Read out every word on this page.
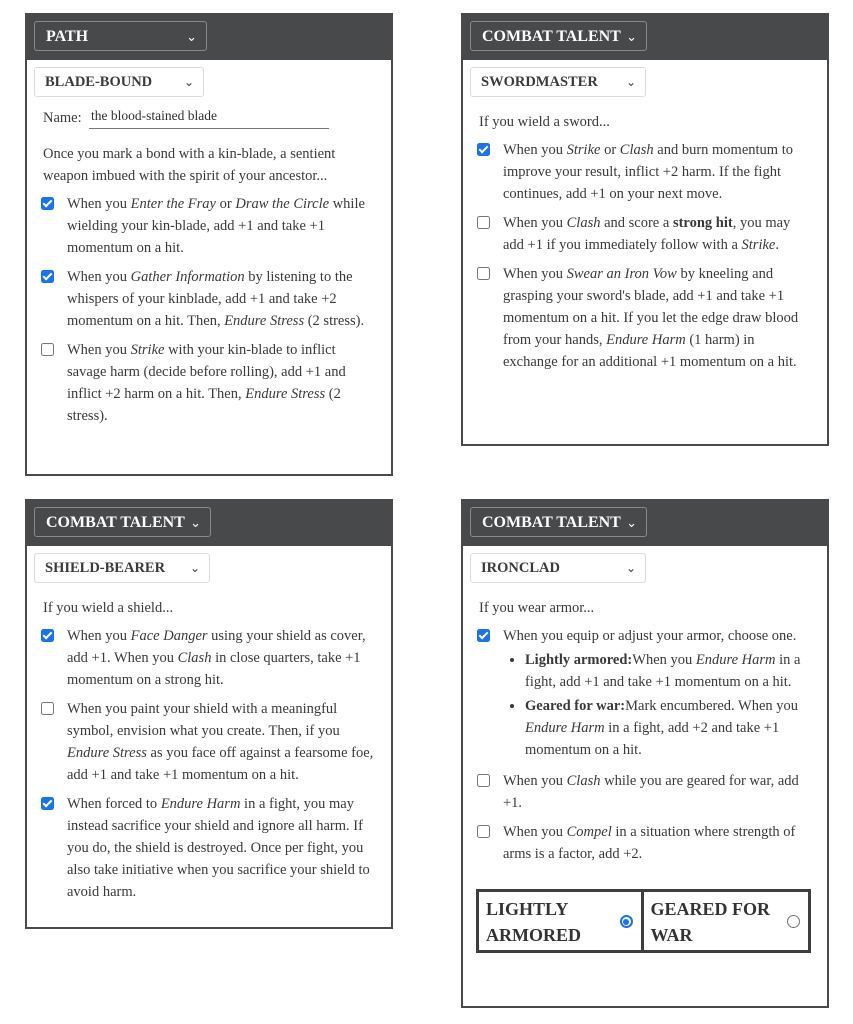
PATH	⌄
BLADE-BOUND	⌄
Name:
the blood-stained blade
Once you mark a bond with a kin-blade, a sentient weapon imbued with the spirit of your ancestor...
When you Enter the Fray or Draw the Circle while wielding your kin-blade, add +1 and take +1 momentum on a hit.
When you Gather Information by listening to the whispers of your kinblade, add +1 and take +2 momentum on a hit. Then, Endure Stress (2 stress).
When you Strike with your kin-blade to inflict savage harm (decide before rolling), add +1 and inflict +2 harm on a hit. Then, Endure Stress (2 stress).
COMBAT TALENT ⌄
SWORDMASTER ⌄
If you wield a sword...
When you Strike or Clash and burn momentum to improve your result, inflict +2 harm. If the fight continues, add +1 on your next move.
When you Clash and score a strong hit, you may add +1 if you immediately follow with a Strike.
When you Swear an Iron Vow by kneeling and grasping your sword's blade, add +1 and take +1 momentum on a hit. If you let the edge draw blood from your hands, Endure Harm (1 harm) in exchange for an additional +1 momentum on a hit.
COMBAT TALENT ⌄
SHIELD-BEARER ⌄
If you wield a shield...
When you Face Danger using your shield as cover, add +1. When you Clash in close quarters, take +1 momentum on a strong hit.
When you paint your shield with a meaningful symbol, envision what you create. Then, if you Endure Stress as you face off against a fearsome foe, add +1 and take +1 momentum on a hit.
When forced to Endure Harm in a fight, you may instead sacrifice your shield and ignore all harm. If you do, the shield is destroyed. Once per fight, you also take initiative when you sacrifice your shield to avoid harm.
COMBAT TALENT ⌄
IRONCLAD	⌄
If you wear armor...
When you equip or adjust your armor, choose one.
• Lightly armored:When you Endure Harm in a fight, add +1 and take +1 momentum on a hit.
• Geared for war:Mark encumbered. When you Endure Harm in a fight, add +2 and take +1 momentum on a hit.
When you Clash while you are geared for war, add +1.
When you Compel in a situation where strength of arms is a factor, add +2.
LIGHTLY ARMORED
GEARED FOR WAR
